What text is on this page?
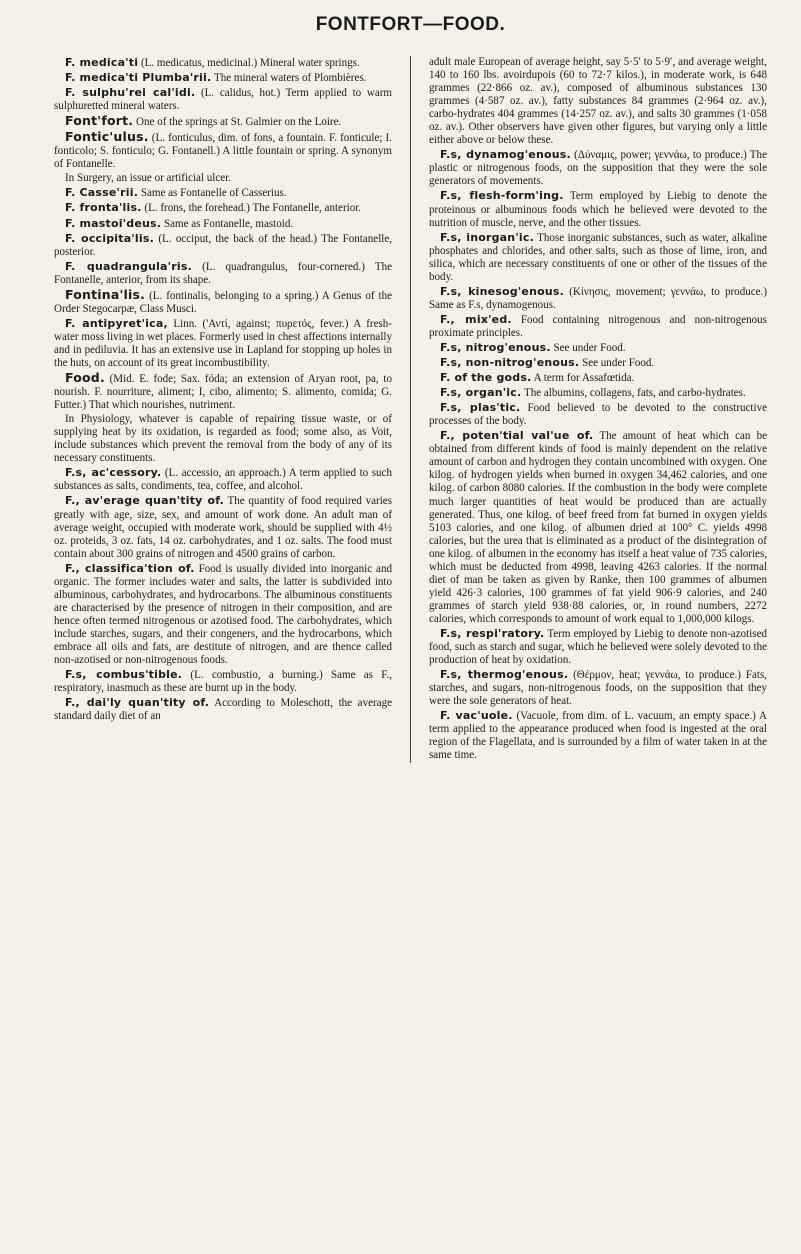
FONTFORT—FOOD.

F. medica'ti (L. medicatus, medicinal.) Mineral water springs.

F. medica'ti Plumba'rii. The mineral waters of Plombières.

F. sulphu'rei cal'idi. (L. calidus, hot.) Term applied to warm sulphuretted mineral waters.

Font'fort. One of the springs at St. Galmier on the Loire.

Fontic'ulus. (L. fonticulus, dim. of fons, a fountain. F. fonticule; I. fonticolo; S. fonticulo; G. Fontanell.) A little fountain or spring. A synonym of Fontanelle.

In Surgery, an issue or artificial ulcer.

F. Casse'rii. Same as Fontanelle of Casserius.

F. fronta'lis. (L. frons, the forehead.) The Fontanelle, anterior.

F. mastoi'deus. Same as Fontanelle, mastoid.

F. occipita'lis. (L. occiput, the back of the head.) The Fontanelle, posterior.

F. quadrangula'ris. (L. quadrangulus, four-cornered.) The Fontanelle, anterior, from its shape.

Fontina'lis. (L. fontinalis, belonging to a spring.) A Genus of the Order Stegocarpæ, Class Musci.

F. antipyret'ica, Linn. ('Αντί, against; πυρετός, fever.) A fresh-water moss living in wet places. Formerly used in chest affections internally and in pediluvia. It has an extensive use in Lapland for stopping up holes in the huts, on account of its great incombustibility.

Food. (Mid. E. fode; Sax. fóda; an extension of Aryan root, pa, to nourish. F. nourriture, aliment; I, cibo, alimento; S. alimento, comida; G. Futter.) That which nourishes, nutriment.

In Physiology, whatever is capable of repairing tissue waste, or of supplying heat by its oxidation, is regarded as food; some also, as Voit, include substances which prevent the removal from the body of any of its necessary constituents.

F.s, ac'cessory. (L. accessio, an approach.) A term applied to such substances as salts, condiments, tea, coffee, and alcohol.

F., av'erage quan'tity of. The quantity of food required varies greatly with age, size, sex, and amount of work done. An adult man of average weight, occupied with moderate work, should be supplied with 4½ oz. proteids, 3 oz. fats, 14 oz. carbohydrates, and 1 oz. salts. The food must contain about 300 grains of nitrogen and 4500 grains of carbon.

F., classifica'tion of. Food is usually divided into inorganic and organic. The former includes water and salts, the latter is subdivided into albuminous, carbohydrates, and hydrocarbons. The albuminous constituents are characterised by the presence of nitrogen in their composition, and are hence often termed nitrogenous or azotised food. The carbohydrates, which include starches, sugars, and their congeners, and the hydrocarbons, which embrace all oils and fats, are destitute of nitrogen, and are thence called non-azotised or non-nitrogenous foods.

F.s, combus'tible. (L. combustio, a burning.) Same as F., respiratory, inasmuch as these are burnt up in the body.

F., dai'ly quan'tity of. According to Moleschott, the average standard daily diet of an

adult male European of average height, say 5·5′ to 5·9′, and average weight, 140 to 160 lbs. avoirdupois (60 to 72·7 kilos.), in moderate work, is 648 grammes (22·866 oz. av.), composed of albuminous substances 130 grammes (4·587 oz. av.), fatty substances 84 grammes (2·964 oz. av.), carbo-hydrates 404 grammes (14·257 oz. av.), and salts 30 grammes (1·058 oz. av.). Other observers have given other figures, but varying only a little either above or below these.

F.s, dynamog'enous. (Δύναμις, power; γεννάω, to produce.) The plastic or nitrogenous foods, on the supposition that they were the sole generators of movements.

F.s, flesh-form'ing. Term employed by Liebig to denote the proteinous or albuminous foods which he believed were devoted to the nutrition of muscle, nerve, and the other tissues.

F.s, inorgan'ic. Those inorganic substances, such as water, alkaline phosphates and chlorides, and other salts, such as those of lime, iron, and silica, which are necessary constituents of one or other of the tissues of the body.

F.s, kinesog'enous. (Κίνησις, movement; γεννάω, to produce.) Same as F.s, dynamogenous.

F., mix'ed. Food containing nitrogenous and non-nitrogenous proximate principles.

F.s, nitrog'enous. See under Food.

F.s, non-nitrog'enous. See under Food.

F. of the gods. A term for Assafœtida.

F.s, organ'ic. The albumins, collagens, fats, and carbo-hydrates.

F.s, plas'tic. Food believed to be devoted to the constructive processes of the body.

F., poten'tial val'ue of. The amount of heat which can be obtained from different kinds of food is mainly dependent on the relative amount of carbon and hydrogen they contain uncombined with oxygen. One kilog. of hydrogen yields when burned in oxygen 34,462 calories, and one kilog. of carbon 8080 calories. If the combustion in the body were complete much larger quantities of heat would be produced than are actually generated. Thus, one kilog. of beef freed from fat burned in oxygen yields 5103 calories, and one kilog. of albumen dried at 100° C. yields 4998 calories, but the urea that is eliminated as a product of the disintegration of one kilog. of albumen in the economy has itself a heat value of 735 calories, which must be deducted from 4998, leaving 4263 calories. If the normal diet of man be taken as given by Ranke, then 100 grammes of albumen yield 426·3 calories, 100 grammes of fat yield 906·9 calories, and 240 grammes of starch yield 938·88 calories, or, in round numbers, 2272 calories, which corresponds to amount of work equal to 1,000,000 kilogs.

F.s, respi'ratory. Term employed by Liebig to denote non-azotised food, such as starch and sugar, which he believed were solely devoted to the production of heat by oxidation.

F.s, thermog'enous. (Θέρμον, heat; γεννάω, to produce.) Fats, starches, and sugars, non-nitrogenous foods, on the supposition that they were the sole generators of heat.

F. vac'uole. (Vacuole, from dim. of L. vacuum, an empty space.) A term applied to the appearance produced when food is ingested at the oral region of the Flagellata, and is surrounded by a film of water taken in at the same time.
